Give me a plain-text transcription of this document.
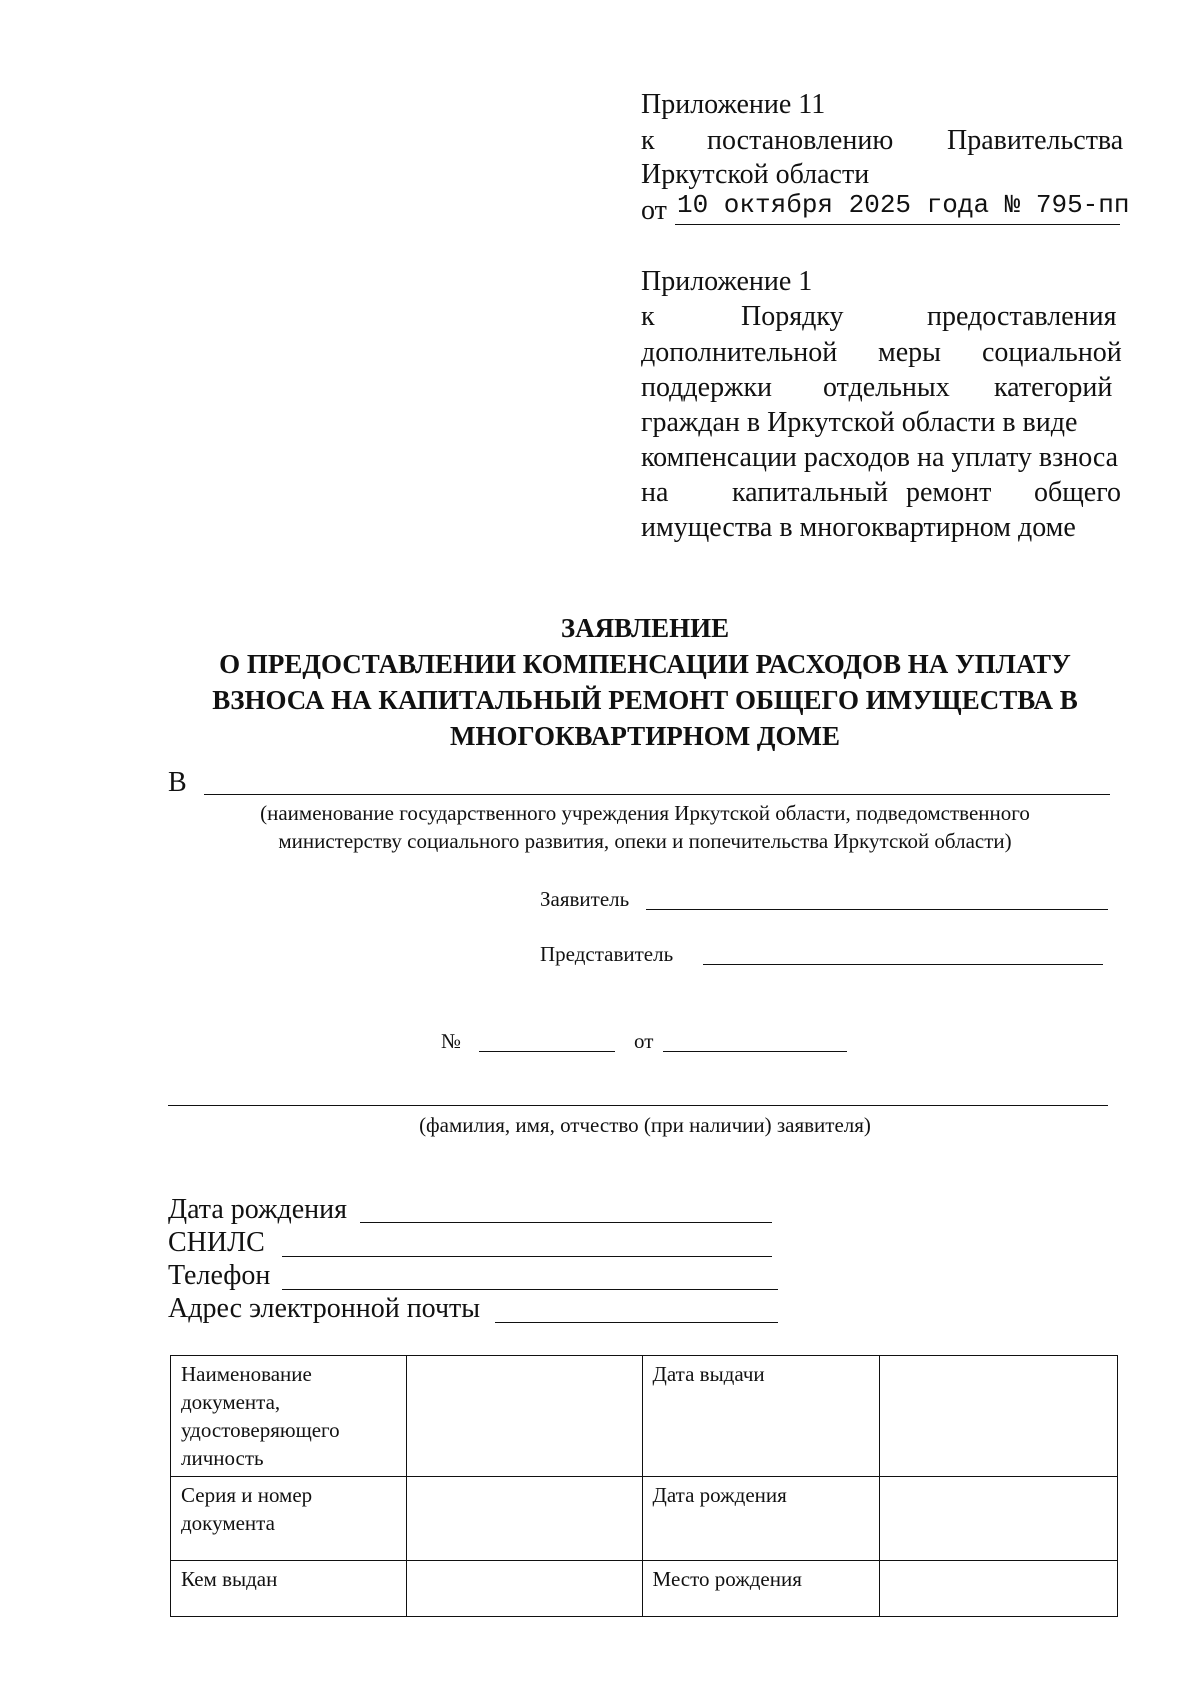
Приложение 11
к постановлению Правительства
Иркутской области
от 10 октября 2025 года № 795-пп
Приложение 1
к	Порядку	предоставления
дополнительной меры социальной
поддержки отдельных категорий
граждан в Иркутской области в виде
компенсации расходов на уплату взноса
на капитальный ремонт общего
имущества в многоквартирном доме
ЗАЯВЛЕНИЕ
О ПРЕДОСТАВЛЕНИИ КОМПЕНСАЦИИ РАСХОДОВ НА УПЛАТУ
ВЗНОСА НА КАПИТАЛЬНЫЙ РЕМОНТ ОБЩЕГО ИМУЩЕСТВА В
МНОГОКВАРТИРНОМ ДОМЕ
В
(наименование государственного учреждения Иркутской области, подведомственного
министерству социального развития, опеки и попечительства Иркутской области)
Заявитель
Представитель
№	от
(фамилия, имя, отчество (при наличии) заявителя)
Дата рождения
СНИЛС
Телефон
Адрес электронной почты
Наименование документа, удостоверяющего личность		Дата выдачи	
Серия и номер документа		Дата рождения	
Кем выдан		Место рождения	
